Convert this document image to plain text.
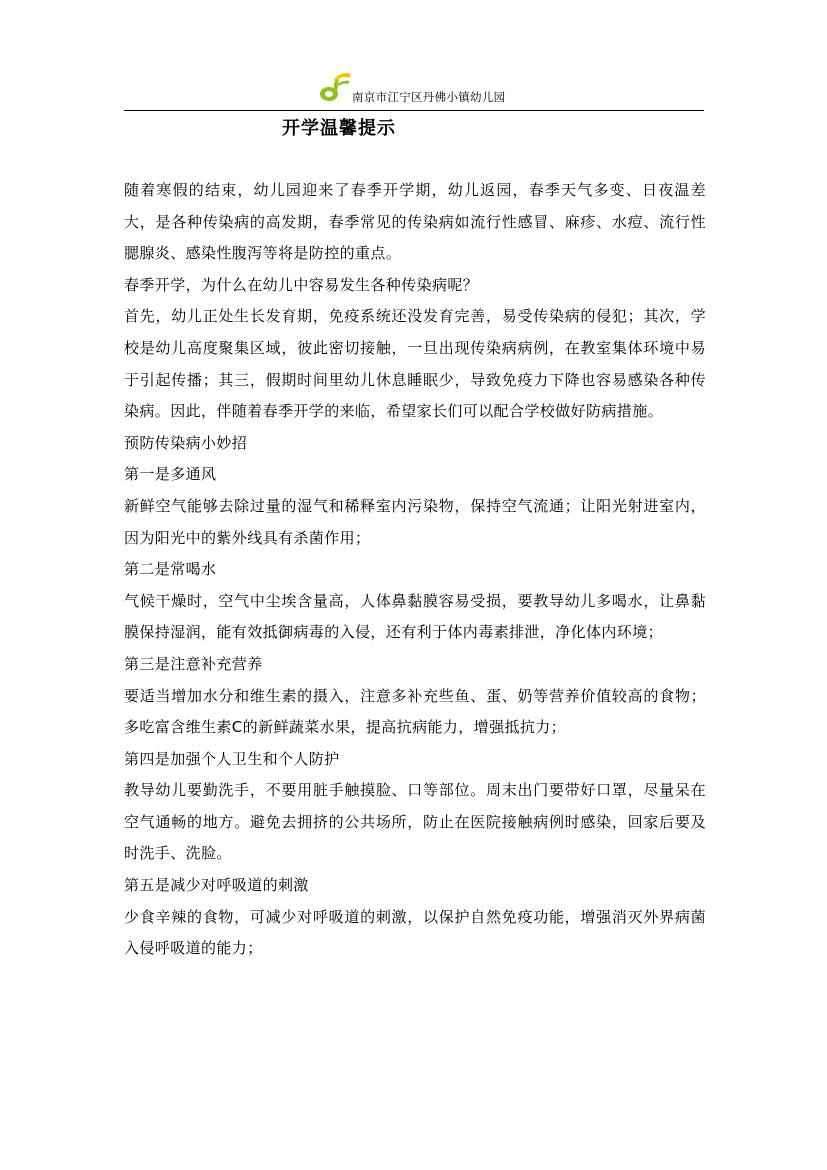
南京市江宁区丹佛小镇幼儿园
开学温馨提示

随着寒假的结束，幼儿园迎来了春季开学期，幼儿返园，春季天气多变、日夜温差大，是各种传染病的高发期，春季常见的传染病如流行性感冒、麻疹、水痘、流行性腮腺炎、感染性腹泻等将是防控的重点。

春季开学，为什么在幼儿中容易发生各种传染病呢？

首先，幼儿正处生长发育期，免疫系统还没发育完善，易受传染病的侵犯；其次，学校是幼儿高度聚集区域，彼此密切接触，一旦出现传染病病例，在教室集体环境中易于引起传播；其三，假期时间里幼儿休息睡眠少，导致免疫力下降也容易感染各种传染病。因此，伴随着春季开学的来临，希望家长们可以配合学校做好防病措施。

预防传染病小妙招

第一是多通风

新鲜空气能够去除过量的湿气和稀释室内污染物，保持空气流通；让阳光射进室内，因为阳光中的紫外线具有杀菌作用；

第二是常喝水

气候干燥时，空气中尘埃含量高，人体鼻黏膜容易受损，要教导幼儿多喝水，让鼻黏膜保持湿润，能有效抵御病毒的入侵，还有利于体内毒素排泄，净化体内环境；

第三是注意补充营养

要适当增加水分和维生素的摄入，注意多补充些鱼、蛋、奶等营养价值较高的食物；多吃富含维生素C的新鲜蔬菜水果，提高抗病能力，增强抵抗力；

第四是加强个人卫生和个人防护

教导幼儿要勤洗手，不要用脏手触摸脸、口等部位。周末出门要带好口罩，尽量呆在空气通畅的地方。避免去拥挤的公共场所，防止在医院接触病例时感染，回家后要及时洗手、洗脸。

第五是减少对呼吸道的刺激

少食辛辣的食物，可减少对呼吸道的刺激，以保护自然免疫功能，增强消灭外界病菌入侵呼吸道的能力；
